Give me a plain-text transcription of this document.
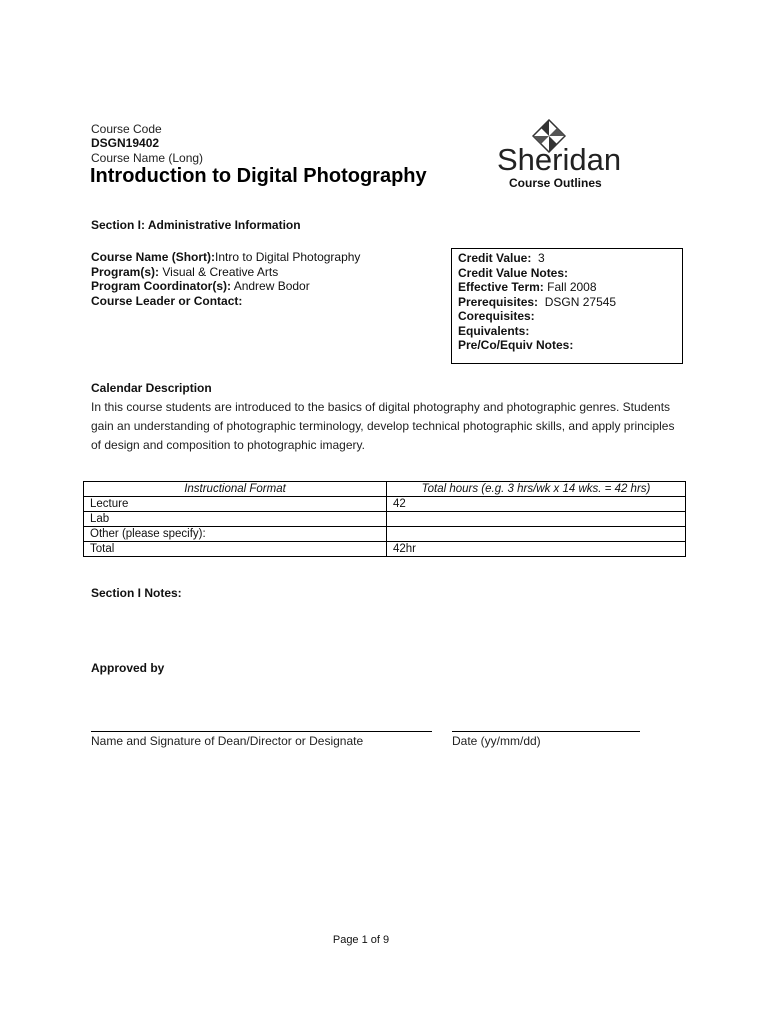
Course Code
DSGN19402
Course Name (Long)
Introduction to Digital Photography Sheridan
Course Outlines
Section I: Administrative Information
Course Name (Short):Intro to Digital Photography
Program(s): Visual & Creative Arts
Program Coordinator(s): Andrew Bodor
Course Leader or Contact:
Credit Value: 3
Credit Value Notes:
Effective Term: Fall 2008
Prerequisites: DSGN 27545
Corequisites:
Equivalents:
Pre/Co/Equiv Notes:
Calendar Description
In this course students are introduced to the basics of digital photography and photographic genres. Students gain an understanding of photographic terminology, develop technical photographic skills, and apply principles of design and composition to photographic imagery.
Instructional Format	Total hours (e.g. 3 hrs/wk x 14 wks. = 42 hrs)
Lecture	42
Lab	
Other (please specify):	
Total	42hr
Section I Notes:
Approved by
Name and Signature of Dean/Director or Designate	Date (yy/mm/dd)
Page 1 of 9
